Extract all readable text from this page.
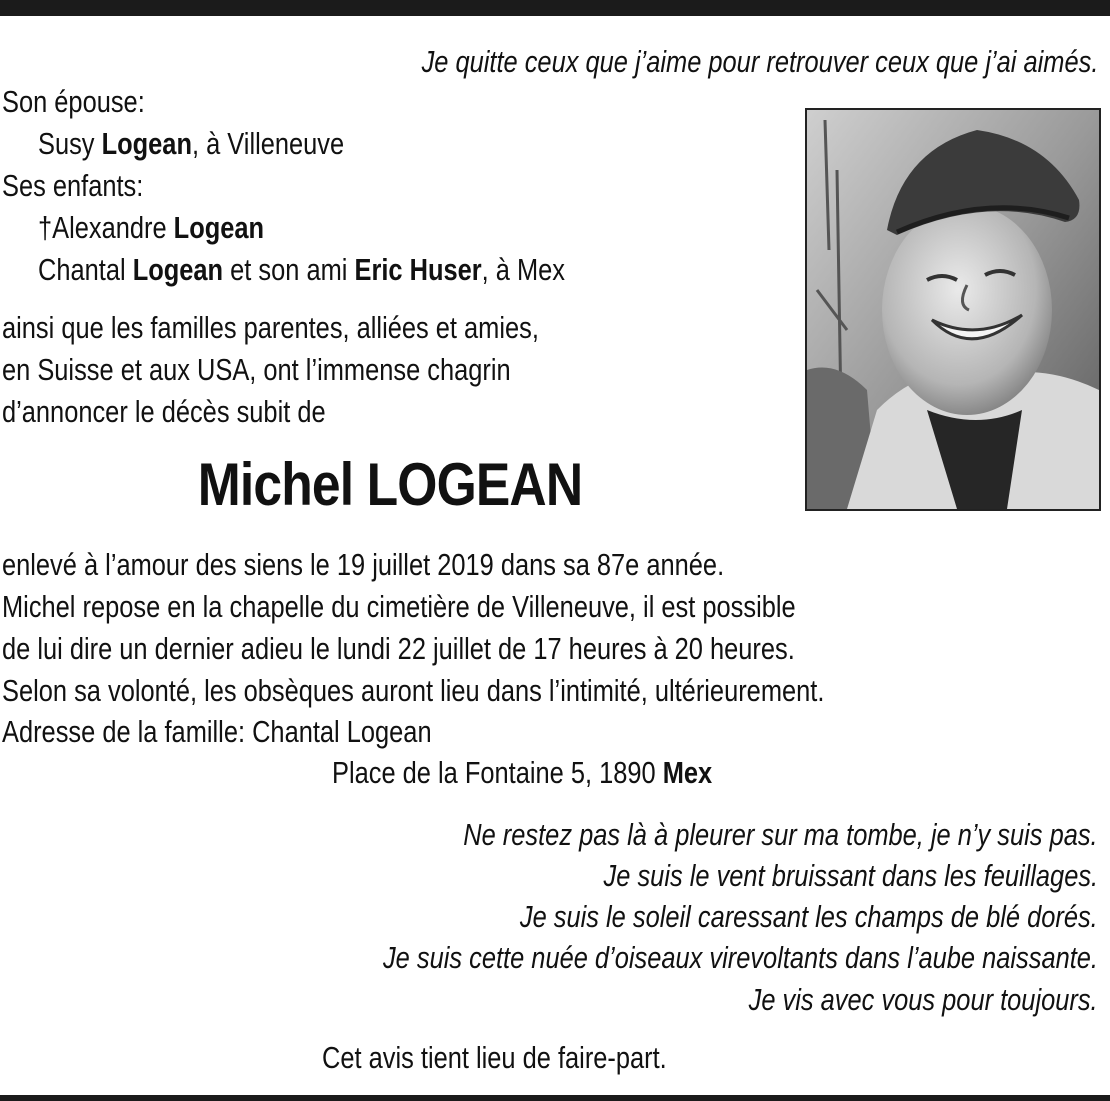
Je quitte ceux que j’aime pour retrouver ceux que j’ai aimés.
Son épouse:
Susy Logean, à Villeneuve
Ses enfants:
†Alexandre Logean
Chantal Logean et son ami Eric Huser, à Mex
ainsi que les familles parentes, alliées et amies,
en Suisse et aux USA, ont l’immense chagrin
d’annoncer le décès subit de
Michel LOGEAN
enlevé à l’amour des siens le 19 juillet 2019 dans sa 87e année.
Michel repose en la chapelle du cimetière de Villeneuve, il est possible
de lui dire un dernier adieu le lundi 22 juillet de 17 heures à 20 heures.
Selon sa volonté, les obsèques auront lieu dans l’intimité, ultérieurement.
Adresse de la famille: Chantal Logean
Place de la Fontaine 5, 1890 Mex
Ne restez pas là à pleurer sur ma tombe, je n’y suis pas.
Je suis le vent bruissant dans les feuillages.
Je suis le soleil caressant les champs de blé dorés.
Je suis cette nuée d’oiseaux virevoltants dans l’aube naissante.
Je vis avec vous pour toujours.
Cet avis tient lieu de faire-part.
